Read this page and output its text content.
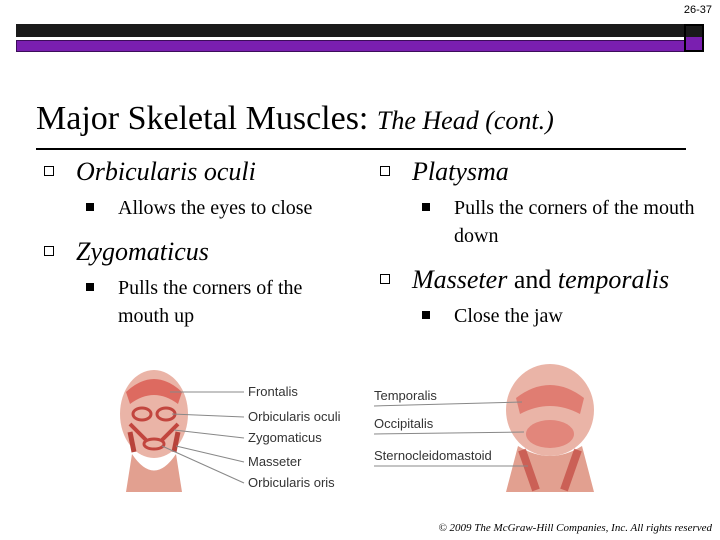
26-37
Major Skeletal Muscles: The Head (cont.)
Orbicularis oculi
Allows the eyes to close
Zygomaticus
Pulls the corners of the mouth up
Platysma
Pulls the corners of the mouth down
Masseter and temporalis
Close the jaw
Frontalis
Orbicularis oculi
Zygomaticus
Masseter
Orbicularis oris
Temporalis
Occipitalis
Sternocleidomastoid
© 2009 The McGraw-Hill Companies, Inc. All rights reserved
